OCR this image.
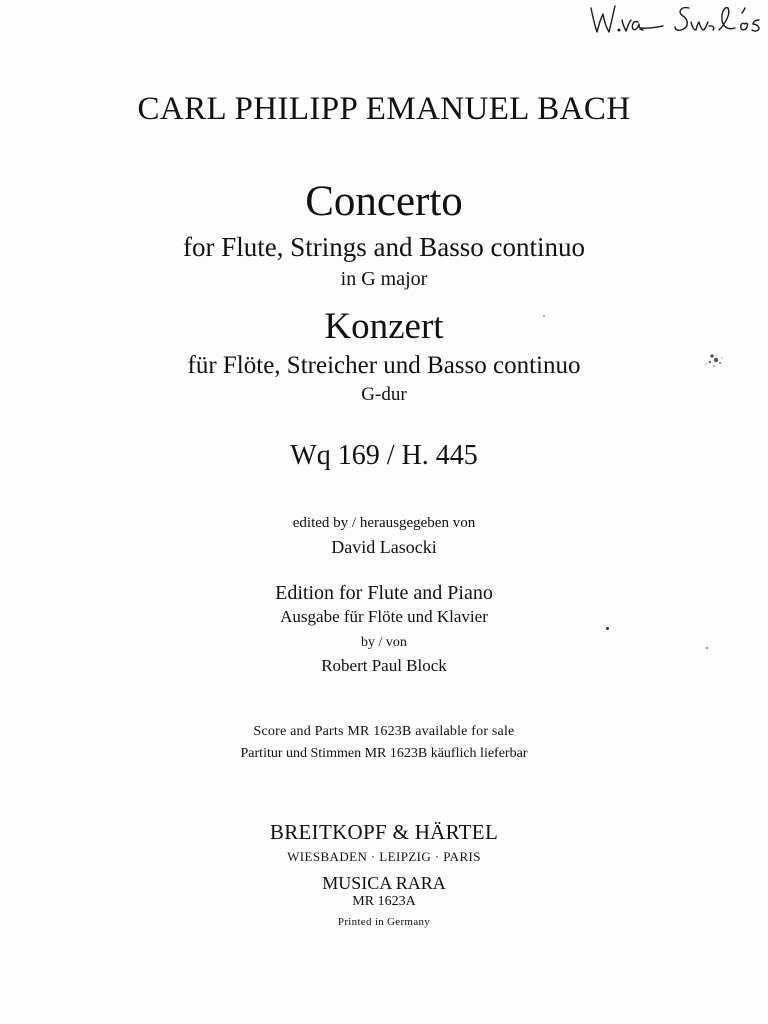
CARL PHILIPP EMANUEL BACH
Concerto
for Flute, Strings and Basso continuo
in G major
Konzert
für Flöte, Streicher und Basso continuo
G-dur
Wq 169 / H. 445
edited by / herausgegeben von
David Lasocki
Edition for Flute and Piano
Ausgabe für Flöte und Klavier
by / von
Robert Paul Block
Score and Parts MR 1623B available for sale
Partitur und Stimmen MR 1623B käuflich lieferbar
BREITKOPF & HÄRTEL
WIESBADEN · LEIPZIG · PARIS
MUSICA RARA
MR 1623A
Printed in Germany
